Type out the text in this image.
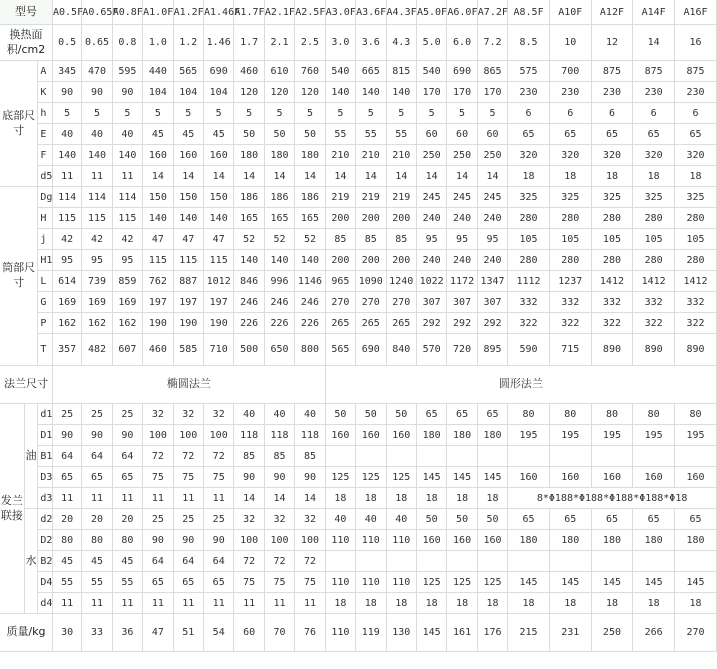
型号			A0.5F	A0.65F	A0.8F	A1.0F	A1.2F	A1.46F	A1.7F	A2.1F	A2.5F	A3.0F	A3.6F	A4.3F	A5.0F	A6.0F	A7.2F	A8.5F	A10F	A12F	A14F	A16F
换热面积/cm2			0.5	0.65	0.8	1.0	1.2	1.46	1.7	2.1	2.5	3.0	3.6	4.3	5.0	6.0	7.2	8.5	10	12	14	16
底部尺寸		A	345	470	595	440	565	690	460	610	760	540	665	815	540	690	865	575	700	875	875	875
		K	90	90	90	104	104	104	120	120	120	140	140	140	170	170	170	230	230	230	230	230
		h	5	5	5	5	5	5	5	5	5	5	5	5	5	5	5	6	6	6	6	6
		E	40	40	40	45	45	45	50	50	50	55	55	55	60	60	60	65	65	65	65	65
		F	140	140	140	160	160	160	180	180	180	210	210	210	250	250	250	320	320	320	320	320
		d5	11	11	11	14	14	14	14	14	14	14	14	14	14	14	14	18	18	18	18	18
筒部尺寸		Dg	114	114	114	150	150	150	186	186	186	219	219	219	245	245	245	325	325	325	325	325
		H	115	115	115	140	140	140	165	165	165	200	200	200	240	240	240	280	280	280	280	280
		j	42	42	42	47	47	47	52	52	52	85	85	85	95	95	95	105	105	105	105	105
		H1	95	95	95	115	115	115	140	140	140	200	200	200	240	240	240	280	280	280	280	280
		L	614	739	859	762	887	1012	846	996	1146	965	1090	1240	1022	1172	1347	1112	1237	1412	1412	1412
		G	169	169	169	197	197	197	246	246	246	270	270	270	307	307	307	332	332	332	332	332
		P	162	162	162	190	190	190	226	226	226	265	265	265	292	292	292	322	322	322	322	322
		T	357	482	607	460	585	710	500	650	800	565	690	840	570	720	895	590	715	890	890	890
法兰尺寸			椭圆法兰									圆形法兰										
发兰联接	油	d1	25	25	25	32	32	32	40	40	40	50	50	50	65	65	65	80	80	80	80	80
		D1	90	90	90	100	100	100	118	118	118	160	160	160	180	180	180	195	195	195	195	195
		B1	64	64	64	72	72	72	85	85	85											
		D3	65	65	65	75	75	75	90	90	90	125	125	125	145	145	145	160	160	160	160	160
		d3	11	11	11	11	11	11	14	14	14	18	18	18	18	18	18	8*Φ188*Φ188*Φ188*Φ188*Φ18				
	水	d2	20	20	20	25	25	25	32	32	32	40	40	40	50	50	50	65	65	65	65	65
		D2	80	80	80	90	90	90	100	100	100	110	110	110	160	160	160	180	180	180	180	180
		B2	45	45	45	64	64	64	72	72	72											
		D4	55	55	55	65	65	65	75	75	75	110	110	110	125	125	125	145	145	145	145	145
		d4	11	11	11	11	11	11	11	11	11	18	18	18	18	18	18	18	18	18	18	18
质量/kg			30	33	36	47	51	54	60	70	76	110	119	130	145	161	176	215	231	250	266	270
